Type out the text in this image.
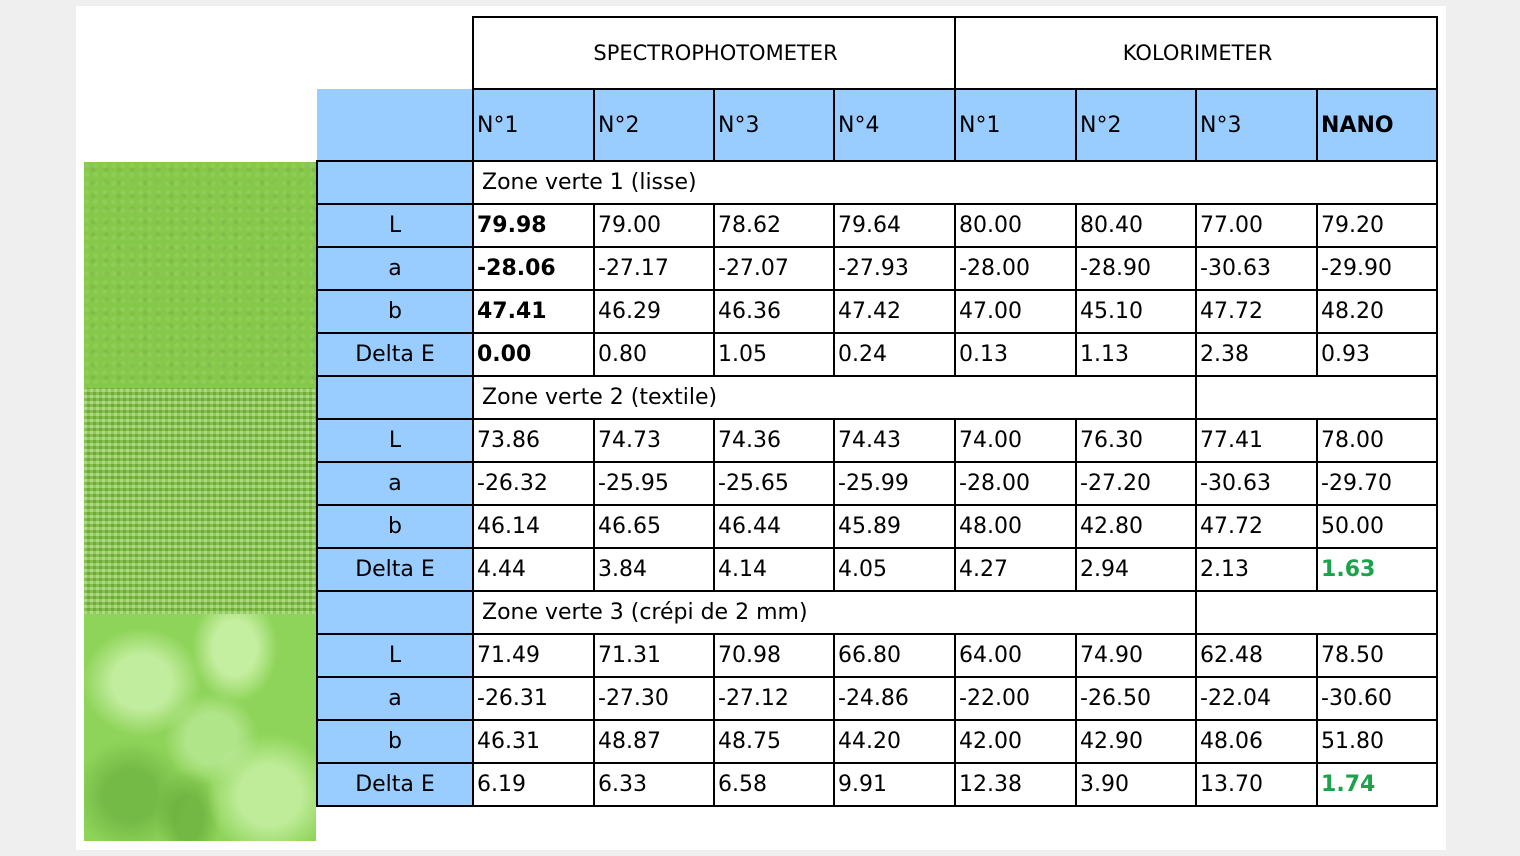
	SPECTROPHOTOMETER				KOLORIMETER			
	N°1	N°2	N°3	N°4	N°1	N°2	N°3	NANO
	Zone verte 1 (lisse)							
L	79.98	79.00	78.62	79.64	80.00	80.40	77.00	79.20
a	-28.06	-27.17	-27.07	-27.93	-28.00	-28.90	-30.63	-29.90
b	47.41	46.29	46.36	47.42	47.00	45.10	47.72	48.20
Delta E	0.00	0.80	1.05	0.24	0.13	1.13	2.38	0.93
	Zone verte 2 (textile)							
L	73.86	74.73	74.36	74.43	74.00	76.30	77.41	78.00
a	-26.32	-25.95	-25.65	-25.99	-28.00	-27.20	-30.63	-29.70
b	46.14	46.65	46.44	45.89	48.00	42.80	47.72	50.00
Delta E	4.44	3.84	4.14	4.05	4.27	2.94	2.13	1.63
	Zone verte 3 (crépi de 2 mm)							
L	71.49	71.31	70.98	66.80	64.00	74.90	62.48	78.50
a	-26.31	-27.30	-27.12	-24.86	-22.00	-26.50	-22.04	-30.60
b	46.31	48.87	48.75	44.20	42.00	42.90	48.06	51.80
Delta E	6.19	6.33	6.58	9.91	12.38	3.90	13.70	1.74
